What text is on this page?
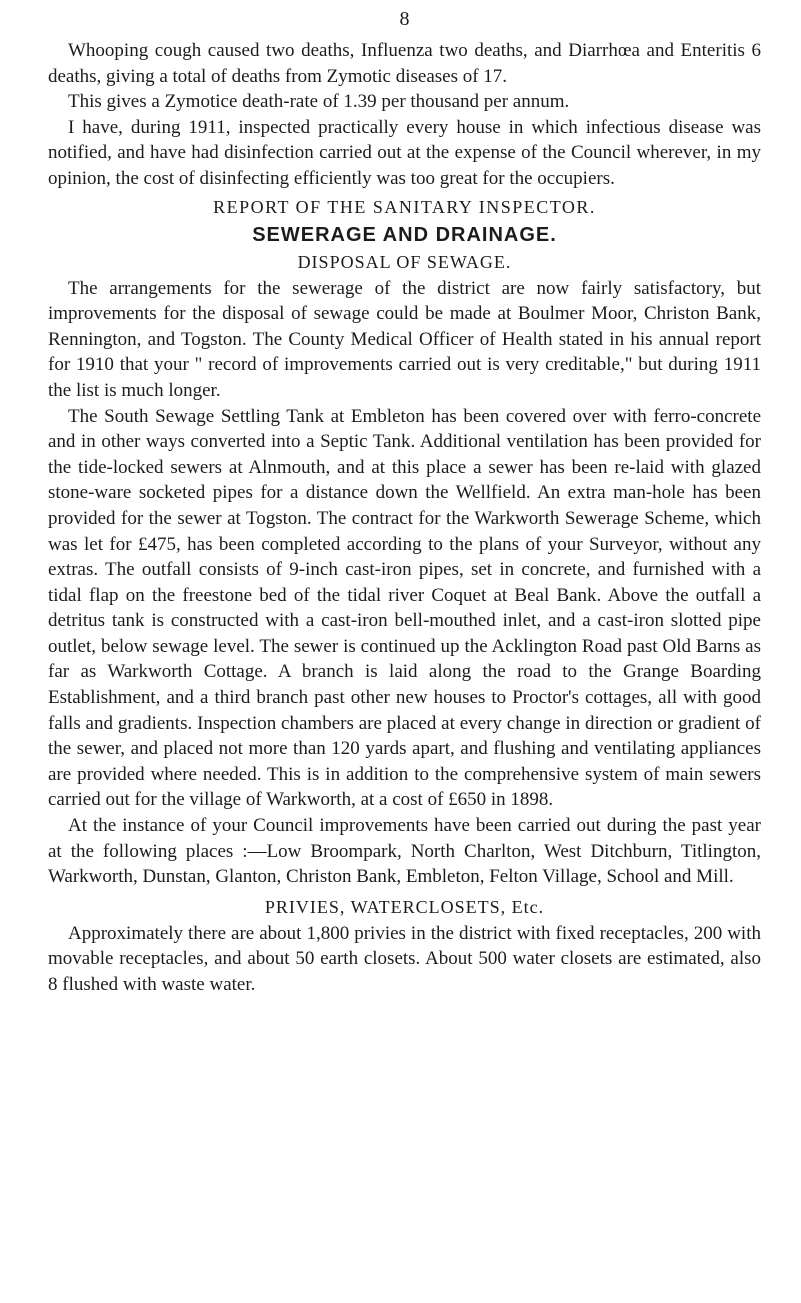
8

Whooping cough caused two deaths, Influenza two deaths, and Diarrhœa and Enteritis 6 deaths, giving a total of deaths from Zymotic diseases of 17.

This gives a Zymotice death-rate of 1.39 per thousand per annum.

I have, during 1911, inspected practically every house in which infectious disease was notified, and have had disinfection carried out at the expense of the Council wherever, in my opinion, the cost of disinfecting efficiently was too great for the occupiers.

REPORT OF THE SANITARY INSPECTOR.
SEWERAGE AND DRAINAGE.
DISPOSAL OF SEWAGE.

The arrangements for the sewerage of the district are now fairly satisfactory, but improvements for the disposal of sewage could be made at Boulmer Moor, Christon Bank, Rennington, and Togston. The County Medical Officer of Health stated in his annual report for 1910 that your " record of improvements carried out is very creditable," but during 1911 the list is much longer.

The South Sewage Settling Tank at Embleton has been covered over with ferro-concrete and in other ways converted into a Septic Tank. Additional ventilation has been provided for the tide-locked sewers at Alnmouth, and at this place a sewer has been re-laid with glazed stone-ware socketed pipes for a distance down the Wellfield. An extra man-hole has been provided for the sewer at Togston. The contract for the Warkworth Sewerage Scheme, which was let for £475, has been completed according to the plans of your Surveyor, without any extras. The outfall consists of 9-inch cast-iron pipes, set in concrete, and furnished with a tidal flap on the freestone bed of the tidal river Coquet at Beal Bank. Above the outfall a detritus tank is constructed with a cast-iron bell-mouthed inlet, and a cast-iron slotted pipe outlet, below sewage level. The sewer is continued up the Acklington Road past Old Barns as far as Warkworth Cottage. A branch is laid along the road to the Grange Boarding Establishment, and a third branch past other new houses to Proctor's cottages, all with good falls and gradients. Inspection chambers are placed at every change in direction or gradient of the sewer, and placed not more than 120 yards apart, and flushing and ventilating appliances are provided where needed. This is in addition to the comprehensive system of main sewers carried out for the village of Warkworth, at a cost of £650 in 1898.

At the instance of your Council improvements have been carried out during the past year at the following places :—Low Broompark, North Charlton, West Ditchburn, Titlington, Warkworth, Dunstan, Glanton, Christon Bank, Embleton, Felton Village, School and Mill.

PRIVIES, WATERCLOSETS, Etc.

Approximately there are about 1,800 privies in the district with fixed receptacles, 200 with movable receptacles, and about 50 earth closets. About 500 water closets are estimated, also 8 flushed with waste water.
